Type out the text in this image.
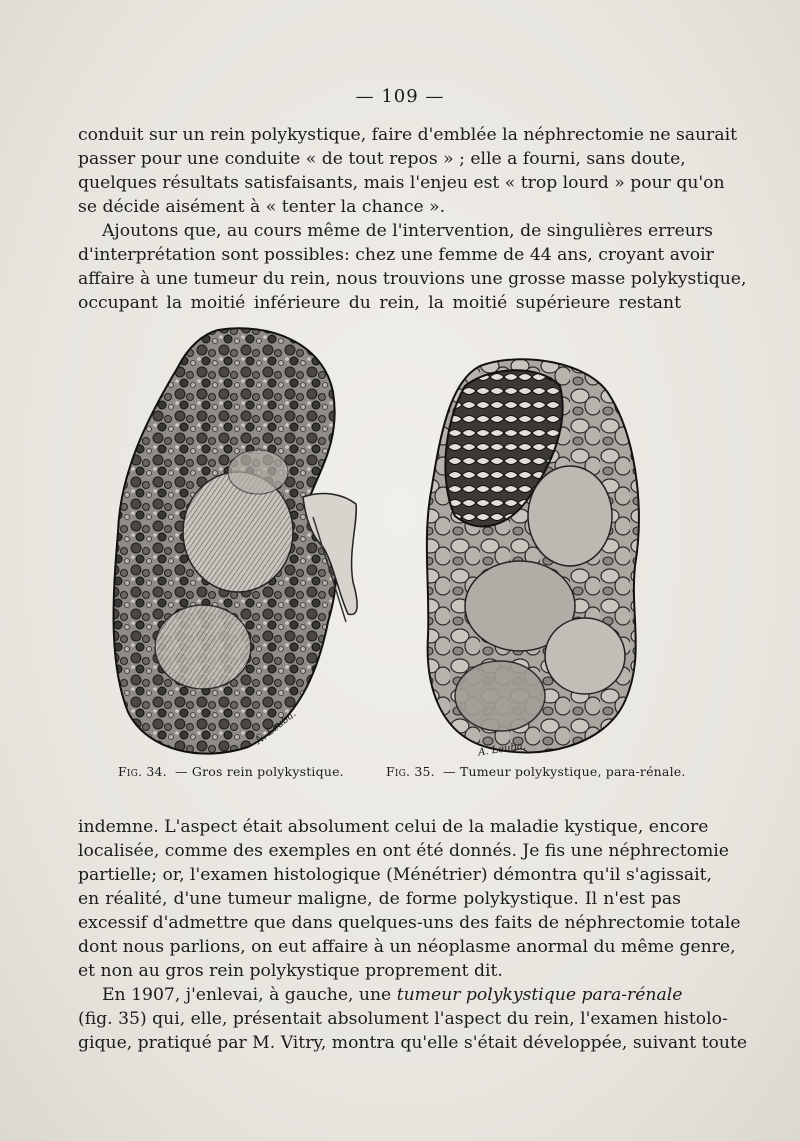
— 109 —
conduit sur un rein polykystique, faire d'emblée la néphrectomie ne saurait
passer pour une conduite « de tout repos » ; elle a fourni, sans doute,
quelques résultats satisfaisants, mais l'enjeu est « trop lourd » pour qu'on
se décide aisément à « tenter la chance ».
Ajoutons que, au cours même de l'intervention, de singulières erreurs
d'interprétation sont possibles: chez une femme de 44 ans, croyant avoir
affaire à une tumeur du rein, nous trouvions une grosse masse polykystique,
occupant la moitié inférieure du rein, la moitié supérieure restant
A. Leuba.
A. Leuba.
Fig. 34. — Gros rein polykystique.	Fig. 35. — Tumeur polykystique, para-rénale.
indemne. L'aspect était absolument celui de la maladie kystique, encore
localisée, comme des exemples en ont été donnés. Je fis une néphrectomie
partielle; or, l'examen histologique (Ménétrier) démontra qu'il s'agissait,
en réalité, d'une tumeur maligne, de forme polykystique. Il n'est pas
excessif d'admettre que dans quelques-uns des faits de néphrectomie totale
dont nous parlions, on eut affaire à un néoplasme anormal du même genre,
et non au gros rein polykystique proprement dit.
En 1907, j'enlevai, à gauche, une tumeur polykystique para-rénale
(fig. 35) qui, elle, présentait absolument l'aspect du rein, l'examen histolo-
gique, pratiqué par M. Vitry, montra qu'elle s'était développée, suivant toute
